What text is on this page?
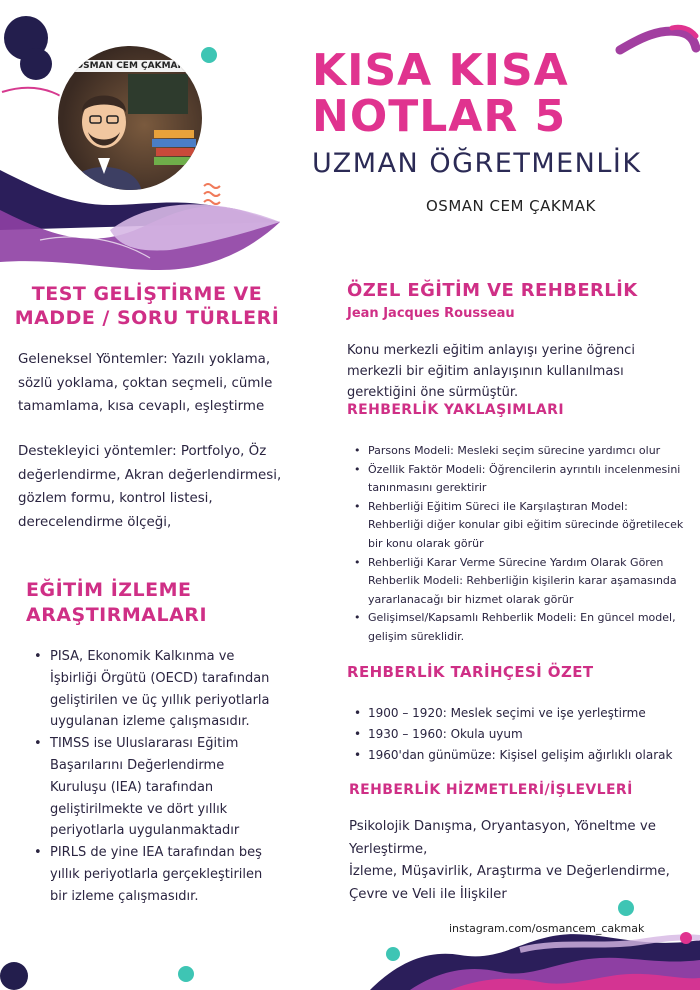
OSMAN CEM ÇAKMAK	KISA KISA
NOTLAR 5
UZMAN ÖĞRETMENLİK
OSMAN CEM ÇAKMAK
TEST GELİŞTİRME VE
MADDE / SORU TÜRLERİ
Geleneksel Yöntemler: Yazılı yoklama, sözlü yoklama, çoktan seçmeli, cümle tamamlama, kısa cevaplı, eşleştirme
Destekleyici yöntemler: Portfolyo, Öz değerlendirme, Akran değerlendirmesi, gözlem formu, kontrol listesi, derecelendirme ölçeği,
EĞİTİM İZLEME
ARAŞTIRMALARI
• PISA, Ekonomik Kalkınma ve İşbirliği Örgütü (OECD) tarafından geliştirilen ve üç yıllık periyotlarla uygulanan izleme çalışmasıdır.
• TIMSS ise Uluslararası Eğitim Başarılarını Değerlendirme Kuruluşu (IEA) tarafından geliştirilmekte ve dört yıllık periyotlarla uygulanmaktadır
• PIRLS de yine IEA tarafından beş yıllık periyotlarla gerçekleştirilen bir izleme çalışmasıdır.
ÖZEL EĞİTİM VE REHBERLİK
Jean Jacques Rousseau
Konu merkezli eğitim anlayışı yerine öğrenci merkezli bir eğitim anlayışının kullanılması gerektiğini öne sürmüştür.
REHBERLİK YAKLAŞIMLARI
• Parsons Modeli: Mesleki seçim sürecine yardımcı olur
• Özellik Faktör Modeli: Öğrencilerin ayrıntılı incelenmesini tanınmasını gerektirir
• Rehberliği Eğitim Süreci ile Karşılaştıran Model: Rehberliği diğer konular gibi eğitim sürecinde öğretilecek bir konu olarak görür
• Rehberliği Karar Verme Sürecine Yardım Olarak Gören Rehberlik Modeli: Rehberliğin kişilerin karar aşamasında yararlanacağı bir hizmet olarak görür
• Gelişimsel/Kapsamlı Rehberlik Modeli: En güncel model, gelişim süreklidir.
REHBERLİK TARİHÇESİ ÖZET
• 1900 – 1920: Meslek seçimi ve işe yerleştirme
• 1930 – 1960: Okula uyum
• 1960'dan günümüze: Kişisel gelişim ağırlıklı olarak
REHBERLİK HİZMETLERİ/İŞLEVLERİ
Psikolojik Danışma, Oryantasyon, Yöneltme ve Yerleştirme,
İzleme, Müşavirlik, Araştırma ve Değerlendirme, Çevre ve Veli ile İlişkiler
instagram.com/osmancem_cakmak
